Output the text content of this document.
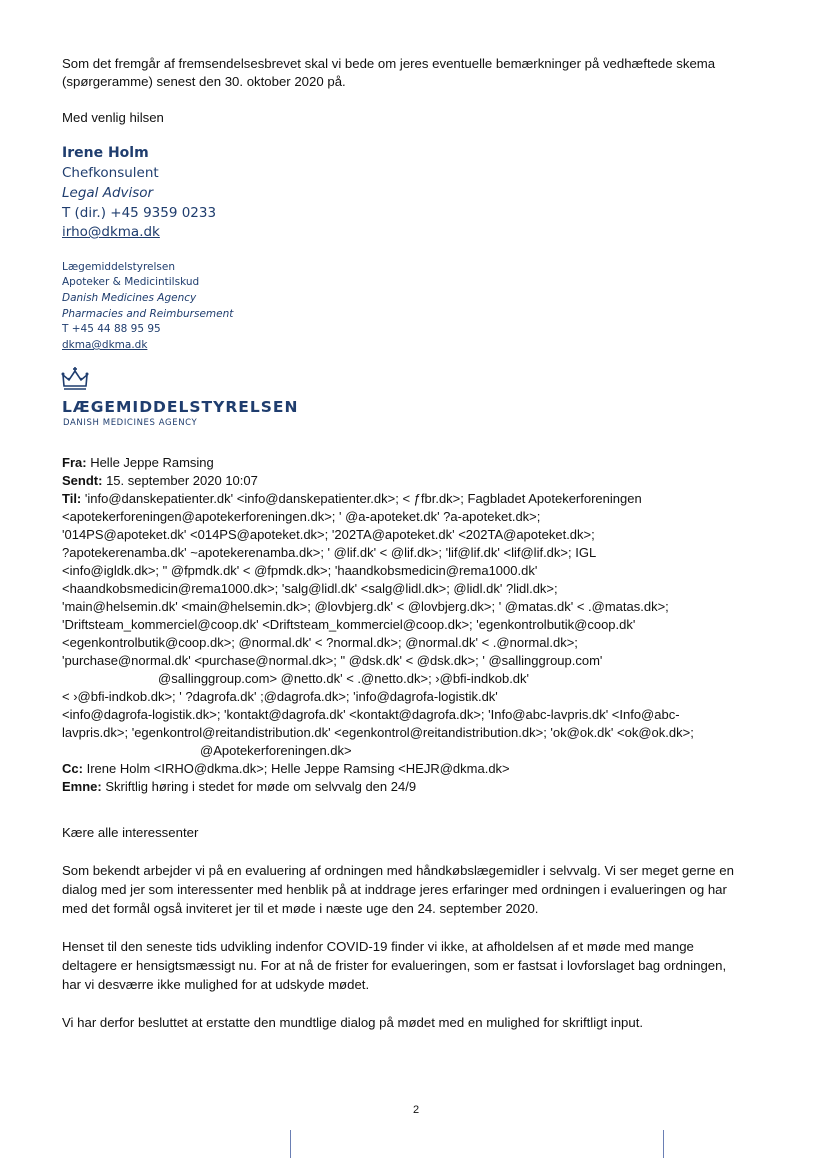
Som det fremgår af fremsendelsesbrevet skal vi bede om jeres eventuelle bemærkninger på vedhæftede skema
(spørgeramme) senest den 30. oktober 2020 på.
Med venlig hilsen
Irene Holm
Chefkonsulent
Legal Advisor
T (dir.) +45 9359 0233
irho@dkma.dk
Lægemiddelstyrelsen
Apoteker & Medicintilskud
Danish Medicines Agency
Pharmacies and Reimbursement
T +45 44 88 95 95
dkma@dkma.dk
LÆGEMIDDELSTYRELSEN
DANISH MEDICINES AGENCY
Fra: Helle Jeppe Ramsing
Sendt: 15. september 2020 10:07
Til: 'info@danskepatienter.dk' <info@danskepatienter.dk>; < ƒfbr.dk>; Fagbladet Apotekerforeningen
<apotekerforeningen@apotekerforeningen.dk>; ' @a-apoteket.dk' ?a-apoteket.dk>;
'014PS@apoteket.dk' <014PS@apoteket.dk>; '202TA@apoteket.dk' <202TA@apoteket.dk>;
?apotekerenamba.dk' ~apotekerenamba.dk>; ' @lif.dk' < @lif.dk>; 'lif@lif.dk' <lif@lif.dk>; IGL
<info@igldk.dk>; " @fpmdk.dk' < @fpmdk.dk>; 'haandkobsmedicin@rema1000.dk'
<haandkobsmedicin@rema1000.dk>; 'salg@lidl.dk' <salg@lidl.dk>; @lidl.dk' ?lidl.dk>;
'main@helsemin.dk' <main@helsemin.dk>; @lovbjerg.dk' < @lovbjerg.dk>; ' @matas.dk' < .@matas.dk>;
'Driftsteam_kommerciel@coop.dk' <Driftsteam_kommerciel@coop.dk>; 'egenkontrolbutik@coop.dk'
<egenkontrolbutik@coop.dk>; @normal.dk' < ?normal.dk>; @normal.dk' < .@normal.dk>;
'purchase@normal.dk' <purchase@normal.dk>; " @dsk.dk' < @dsk.dk>; ' @sallinggroup.com'
@sallinggroup.com> @netto.dk' < .@netto.dk>; ›@bfi-indkob.dk'
< ›@bfi-indkob.dk>; ' ?dagrofa.dk' ;@dagrofa.dk>; 'info@dagrofa-logistik.dk'
<info@dagrofa-logistik.dk>; 'kontakt@dagrofa.dk' <kontakt@dagrofa.dk>; 'Info@abc-lavpris.dk' <Info@abc-
lavpris.dk>; 'egenkontrol@reitandistribution.dk' <egenkontrol@reitandistribution.dk>; 'ok@ok.dk' <ok@ok.dk>;
@Apotekerforeningen.dk>
Cc: Irene Holm <IRHO@dkma.dk>; Helle Jeppe Ramsing <HEJR@dkma.dk>
Emne: Skriftlig høring i stedet for møde om selvvalg den 24/9
Kære alle interessenter
Som bekendt arbejder vi på en evaluering af ordningen med håndkøbslægemidler i selvvalg. Vi ser meget gerne en
dialog med jer som interessenter med henblik på at inddrage jeres erfaringer med ordningen i evalueringen og har
med det formål også inviteret jer til et møde i næste uge den 24. september 2020.
Henset til den seneste tids udvikling indenfor COVID-19 finder vi ikke, at afholdelsen af et møde med mange
deltagere er hensigtsmæssigt nu. For at nå de frister for evalueringen, som er fastsat i lovforslaget bag ordningen,
har vi desværre ikke mulighed for at udskyde mødet.
Vi har derfor besluttet at erstatte den mundtlige dialog på mødet med en mulighed for skriftligt input.
2
